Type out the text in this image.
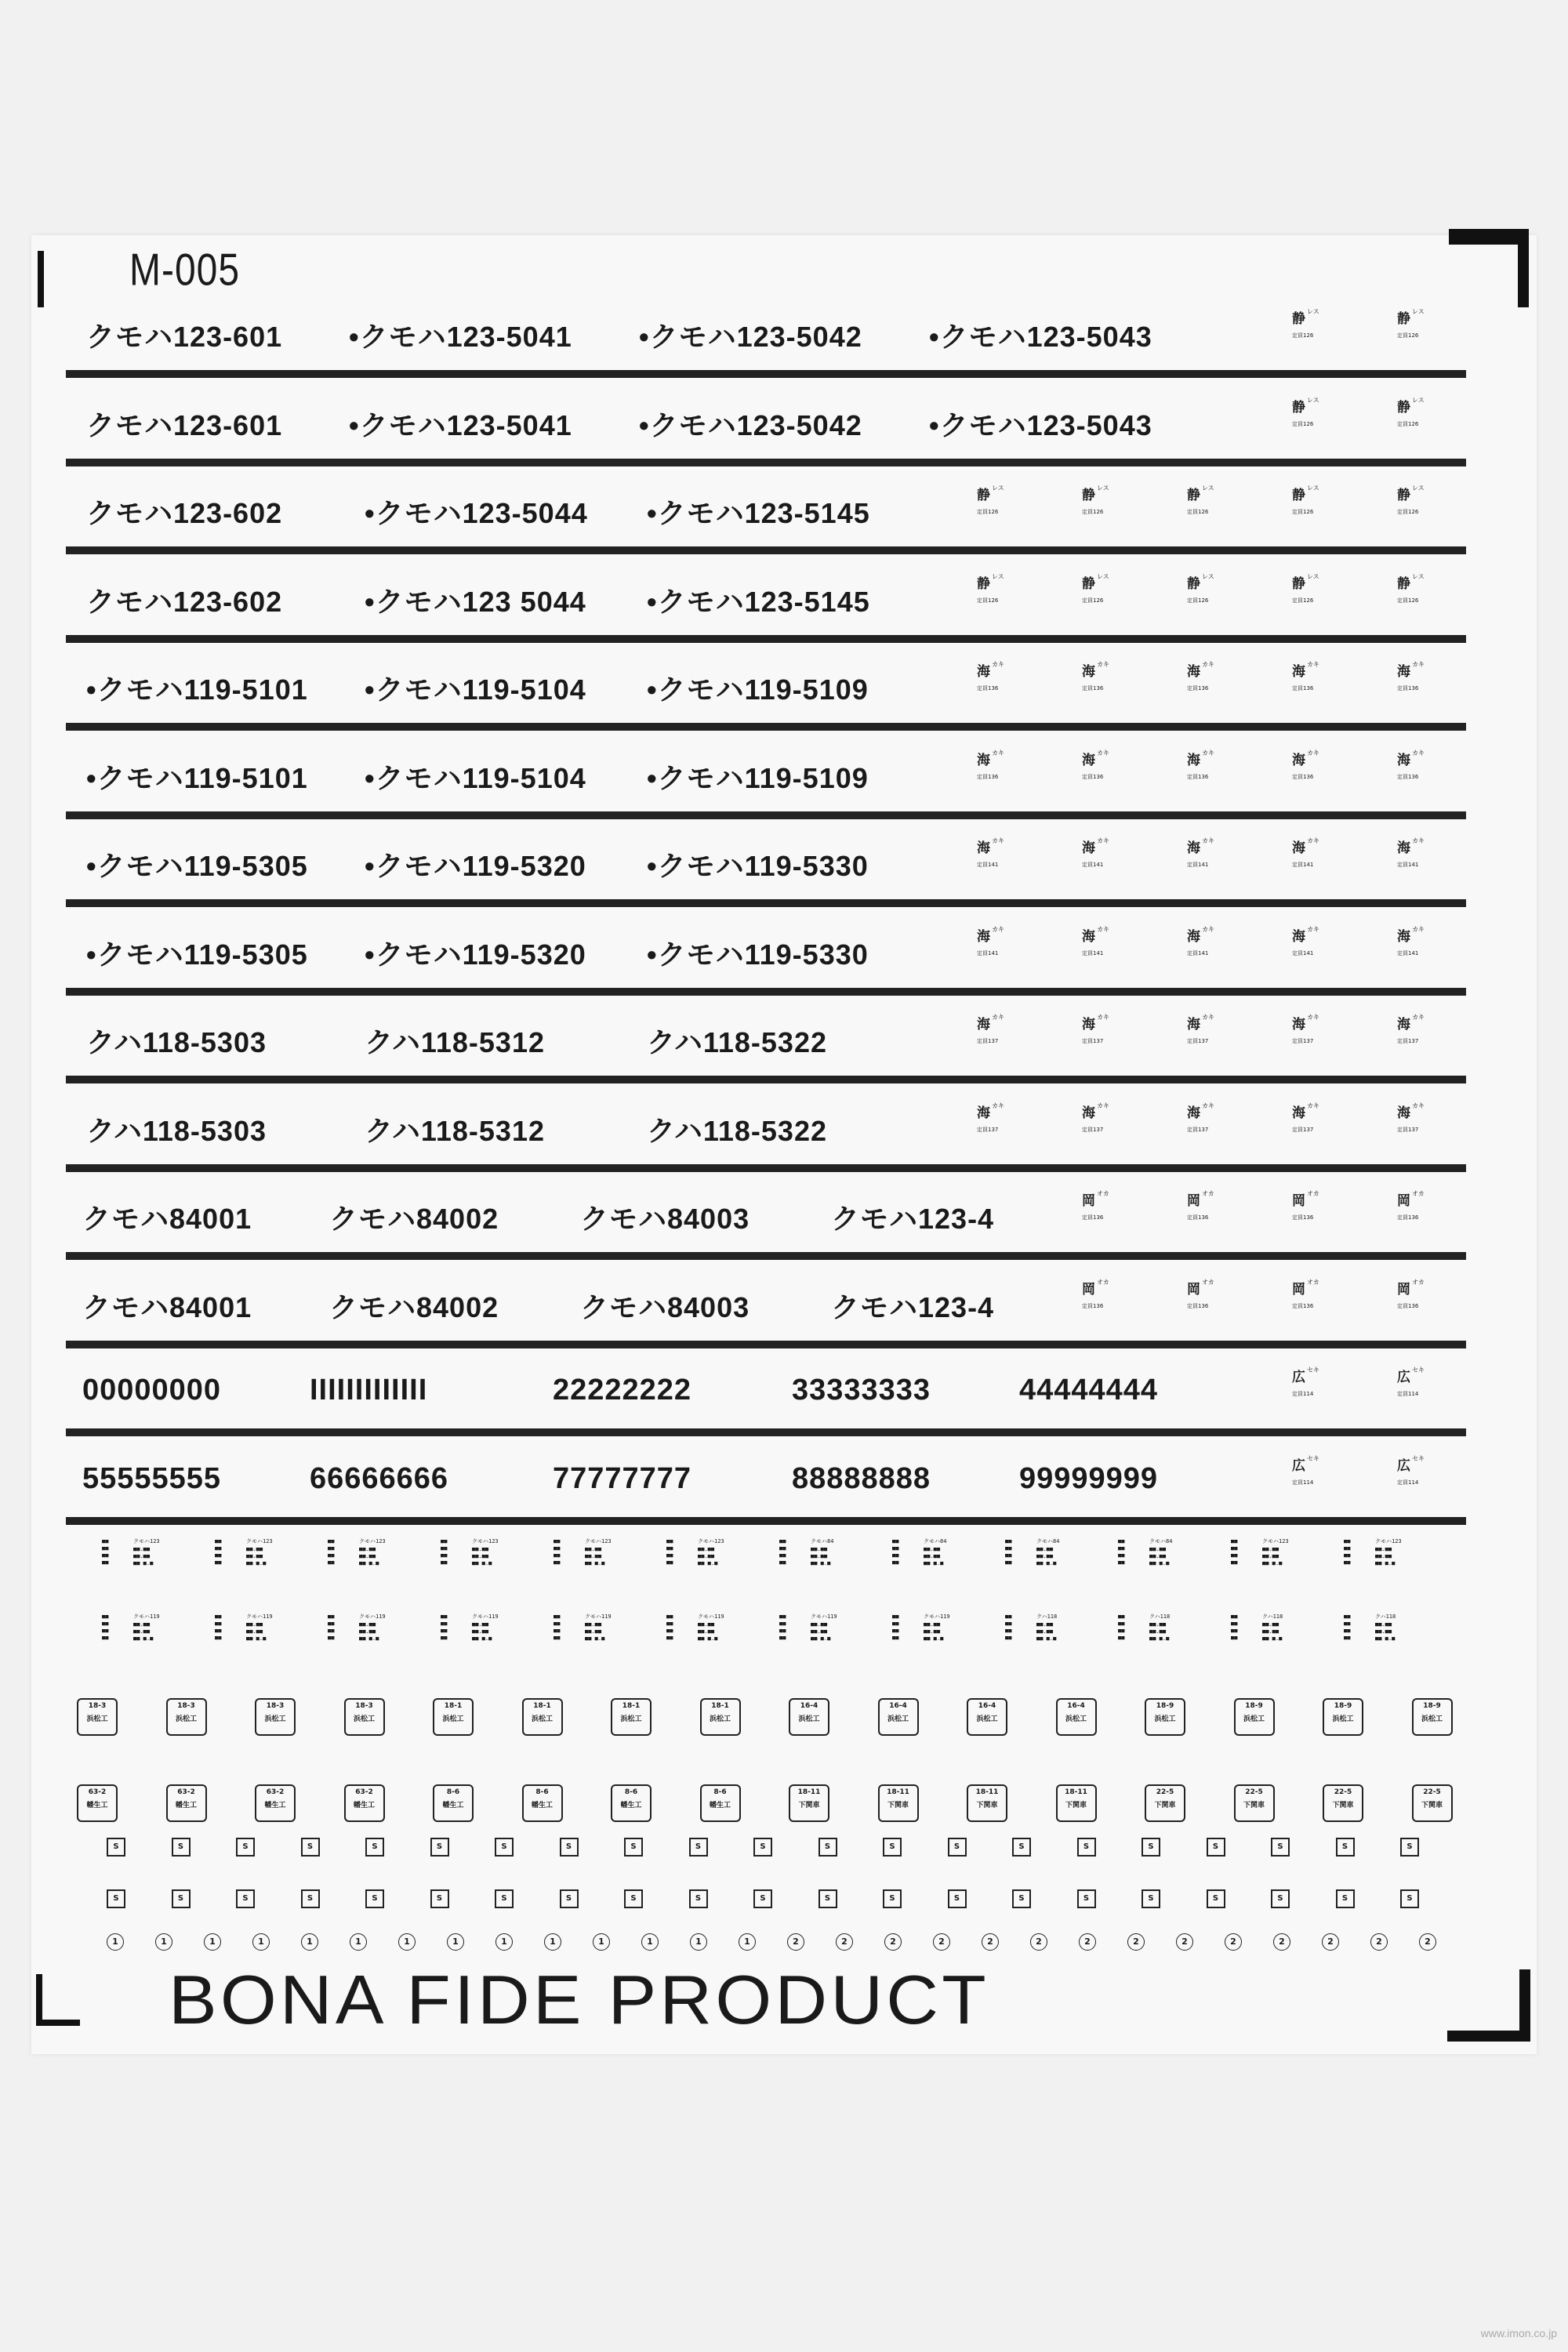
M-005
BONA FIDE PRODUCT
www.imon.co.jp
クモハ123-601 •クモハ123-5041 •クモハ123-5042 •クモハ123-5043
静 レス
定員126
静 レス
定員126
クモハ123-601 •クモハ123-5041 •クモハ123-5042 •クモハ123-5043
静 レス
定員126
静 レス
定員126
クモハ123-602	•クモハ123-5044 •クモハ123-5145
静 レス
定員126
静 レス
定員126
静 レス
定員126
静 レス
定員126
静 レス
定員126
クモハ123-602	•クモハ123 5044 •クモハ123-5145
静 レス
定員126
静 レス
定員126
静 レス
定員126
静 レス
定員126
静 レス
定員126
•クモハ119-5101 •クモハ119-5104 •クモハ119-5109
海 カキ
定員136
海 カキ
定員136
海 カキ
定員136
海 カキ
定員136
海 カキ
定員136
•クモハ119-5101 •クモハ119-5104 •クモハ119-5109
海 カキ
定員136
海 カキ
定員136
海 カキ
定員136
海 カキ
定員136
海 カキ
定員136
•クモハ119-5305 •クモハ119-5320 •クモハ119-5330
海 カキ
定員141
海 カキ
定員141
海 カキ
定員141
海 カキ
定員141
海 カキ
定員141
•クモハ119-5305 •クモハ119-5320 •クモハ119-5330
海 カキ
定員141
海 カキ
定員141
海 カキ
定員141
海 カキ
定員141
海 カキ
定員141
クハ118-5303	クハ118-5312	クハ118-5322
海 カキ
定員137
海 カキ
定員137
海 カキ
定員137
海 カキ
定員137
海 カキ
定員137
クハ118-5303	クハ118-5312	クハ118-5322
海 カキ
定員137
海 カキ
定員137
海 カキ
定員137
海 カキ
定員137
海 カキ
定員137
クモハ84001	クモハ84002	クモハ84003	クモハ123-4
岡 オカ
定員136
岡 オカ
定員136
岡 オカ
定員136
岡 オカ
定員136
クモハ84001	クモハ84002	クモハ84003	クモハ123-4
岡 オカ
定員136
岡 オカ
定員136
岡 オカ
定員136
岡 オカ
定員136
00000000	IIIIIIIIIIIII	22222222	33333333	44444444	広 セキ
定員114
広 セキ
定員114
55555555	66666666	77777777	88888888	99999999	広 セキ
定員114
広 セキ
定員114
■■
■■
■■
■■
クモハ123
■■.■■
■■.■■
■■ ■.■
■■
■■
■■
■■
クモハ123
■■.■■
■■.■■
■■ ■.■
■■
■■
■■
■■
クモハ123
■■.■■
■■.■■
■■ ■.■
■■
■■
■■
■■
クモハ123
■■.■■
■■.■■
■■ ■.■
■■
■■
■■
■■
クモハ123
■■.■■
■■.■■
■■ ■.■
■■
■■
■■
■■
クモハ123
■■.■■
■■.■■
■■ ■.■
■■
■■
■■
■■
クモハ84
■■.■■
■■.■■
■■ ■.■
■■
■■
■■
■■
クモハ84
■■.■■
■■.■■
■■ ■.■
■■
■■
■■
■■
クモハ84
■■.■■
■■.■■
■■ ■.■
■■
■■
■■
■■
クモハ84
■■.■■
■■.■■
■■ ■.■
■■
■■
■■
■■
クモハ123
■■.■■
■■.■■
■■ ■.■
■■
■■
■■
■■
クモハ123
■■.■■
■■.■■
■■ ■.■
■■
■■
■■
■■
クモハ119
■■.■■
■■.■■
■■ ■.■
■■
■■
■■
■■
クモハ119
■■.■■
■■.■■
■■ ■.■
■■
■■
■■
■■
クモハ119
■■.■■
■■.■■
■■ ■.■
■■
■■
■■
■■
クモハ119
■■.■■
■■.■■
■■ ■.■
■■
■■
■■
■■
クモハ119
■■.■■
■■.■■
■■ ■.■
■■
■■
■■
■■
クモハ119
■■.■■
■■.■■
■■ ■.■
■■
■■
■■
■■
クモハ119
■■.■■
■■.■■
■■ ■.■
■■
■■
■■
■■
クモハ119
■■.■■
■■.■■
■■ ■.■
■■
■■
■■
■■
クハ118
■■.■■
■■.■■
■■ ■.■
■■
■■
■■
■■
クハ118
■■.■■
■■.■■
■■ ■.■
■■
■■
■■
■■
クハ118
■■.■■
■■.■■
■■ ■.■
■■
■■
■■
■■
クハ118
■■.■■
■■.■■
■■ ■.■
18-3
浜松工
18-3
浜松工
18-3
浜松工
18-3
浜松工
18-1
浜松工
18-1
浜松工
18-1
浜松工
18-1
浜松工
16-4
浜松工
16-4
浜松工
16-4
浜松工
16-4
浜松工
18-9
浜松工
18-9
浜松工
18-9
浜松工
18-9
浜松工
63-2
幡生工
63-2
幡生工
63-2
幡生工
63-2
幡生工
8-6
幡生工
8-6
幡生工
8-6
幡生工
8-6
幡生工
18-11
下関車
18-11
下関車
18-11
下関車
18-11
下関車
22-5
下関車
22-5
下関車
22-5
下関車
22-5
下関車
S	S	S	S	S	S	S	S	S	S	S	S	S	S	S	S	S	S	S	S	S
S	S	S	S	S	S	S	S	S	S	S	S	S	S	S	S	S	S	S	S	S
1	1	1	1	1	1	1	1	1	1	1	1	1	1	2	2	2	2	2	2	2	2	2	2	2	2	2	2
